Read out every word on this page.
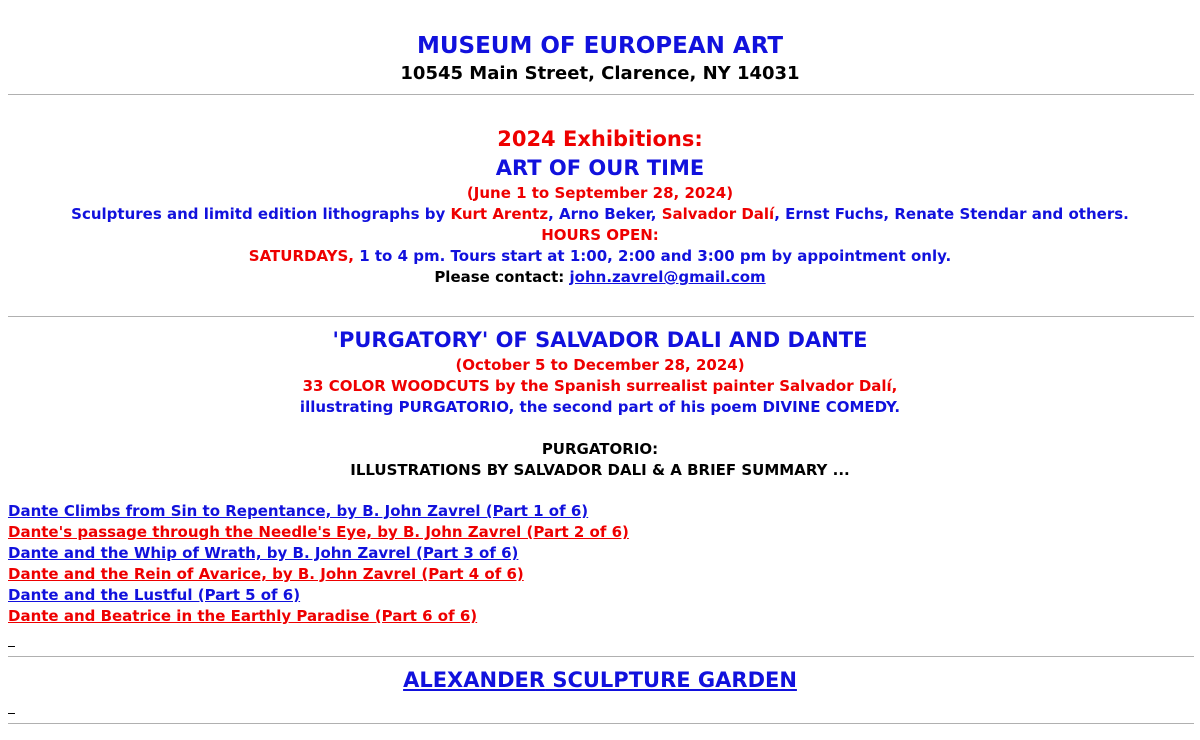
MUSEUM OF EUROPEAN ART
10545 Main Street, Clarence, NY 14031
2024 Exhibitions:
ART OF OUR TIME
(June 1 to September 28, 2024)
Sculptures and limitd edition lithographs by Kurt Arentz, Arno Beker, Salvador Dalí, Ernst Fuchs, Renate Stendar and others.
HOURS OPEN:
SATURDAYS, 1 to 4 pm. Tours start at 1:00, 2:00 and 3:00 pm by appointment only.
Please contact: john.zavrel@gmail.com
'PURGATORY' OF SALVADOR DALI AND DANTE
(October 5 to December 28, 2024)
33 COLOR WOODCUTS by the Spanish surrealist painter Salvador Dalí,
illustrating PURGATORIO, the second part of his poem DIVINE COMEDY.
PURGATORIO:
ILLUSTRATIONS BY SALVADOR DALI & A BRIEF SUMMARY ...
Dante Climbs from Sin to Repentance, by B. John Zavrel (Part 1 of 6)
Dante's passage through the Needle's Eye, by B. John Zavrel (Part 2 of 6)
Dante and the Whip of Wrath, by B. John Zavrel (Part 3 of 6)
Dante and the Rein of Avarice, by B. John Zavrel (Part 4 of 6)
Dante and the Lustful (Part 5 of 6)
Dante and Beatrice in the Earthly Paradise (Part 6 of 6)

ALEXANDER SCULPTURE GARDEN
